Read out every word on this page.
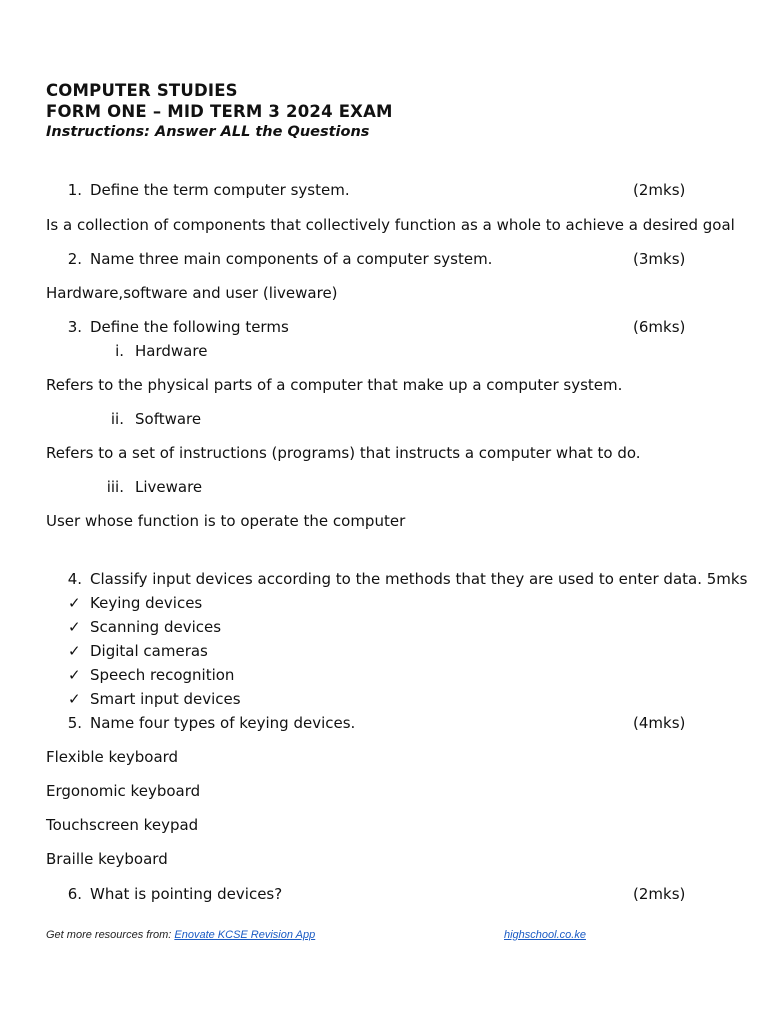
COMPUTER STUDIES
FORM ONE – MID TERM 3 2024 EXAM
Instructions: Answer ALL the Questions
1. Define the term computer system.	(2mks)
Is a collection of components that collectively function as a whole to achieve a desired goal
2. Name three main components of a computer system.	(3mks)
Hardware,software and user (liveware)
3. Define the following terms	(6mks)
i. Hardware
Refers to the physical parts of a computer that make up a computer system.
ii. Software
Refers to a set of instructions (programs) that instructs a computer what to do.
iii. Liveware
User whose function is to operate the computer
4. Classify input devices according to the methods that they are used to enter data. 5mks
✓ Keying devices
✓ Scanning devices
✓ Digital cameras
✓ Speech recognition
✓ Smart input devices
5. Name four types of keying devices.	(4mks)
Flexible keyboard
Ergonomic keyboard
Touchscreen keypad
Braille keyboard
6. What is pointing devices?	(2mks)
Get more resources from: Enovate KCSE Revision App	highschool.co.ke
